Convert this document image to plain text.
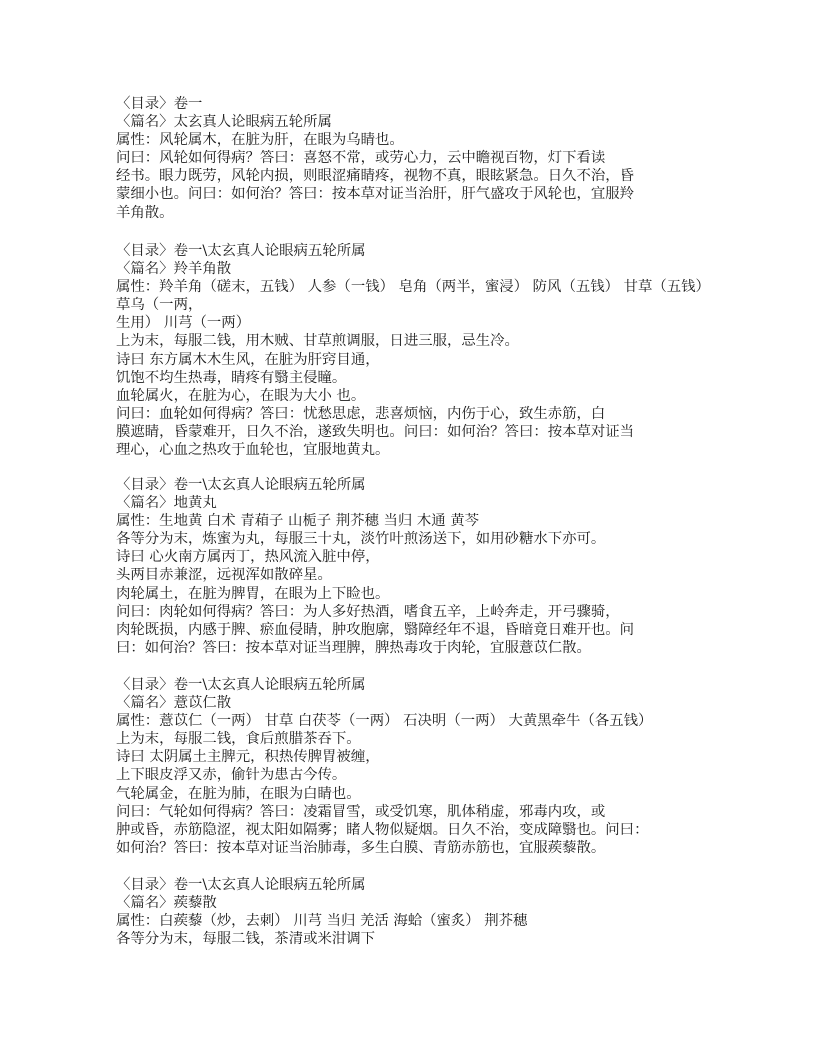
〈目录〉卷一
〈篇名〉太玄真人论眼病五轮所属
属性：风轮属木，在脏为肝，在眼为乌睛也。
问曰：风轮如何得病？答曰：喜怒不常，或劳心力，云中瞻视百物，灯下看读
经书。眼力既劳，风轮内损，则眼涩痛睛疼，视物不真，眼眩紧急。日久不治，昏
蒙细小也。问曰：如何治？答曰：按本草对证当治肝，肝气盛攻于风轮也，宜服羚
羊角散。
〈目录〉卷一\太玄真人论眼病五轮所属
〈篇名〉羚羊角散
属性：羚羊角（磋末，五钱） 人参（一钱） 皂角（两半，蜜浸） 防风（五钱） 甘草（五钱）
草乌（一两，
生用） 川芎（一两）
上为末，每服二钱，用木贼、甘草煎调服，日进三服，忌生冷。
诗曰 东方属木木生风，在脏为肝窍目通，
饥饱不均生热毒，睛疼有翳主侵瞳。
血轮属火，在脏为心，在眼为大小 也。
问曰：血轮如何得病？答曰：忧愁思虑，悲喜烦恼，内伤于心，致生赤筋，白
膜遮睛，昏蒙难开，日久不治，遂致失明也。问曰：如何治？答曰：按本草对证当
理心，心血之热攻于血轮也，宜服地黄丸。
〈目录〉卷一\太玄真人论眼病五轮所属
〈篇名〉地黄丸
属性：生地黄 白术 青葙子 山栀子 荆芥穗 当归 木通 黄芩
各等分为末，炼蜜为丸，每服三十丸，淡竹叶煎汤送下，如用砂糖水下亦可。
诗曰 心火南方属丙丁，热风流入脏中停，
头两目赤兼涩，远视浑如散碎星。
肉轮属土，在脏为脾胃，在眼为上下睑也。
问曰：肉轮如何得病？答曰：为人多好热酒，嗜食五辛，上岭奔走，开弓骤骑，
肉轮既损，内感于脾、瘀血侵睛，肿攻胞廓，翳障经年不退，昏暗竟日难开也。问
曰：如何治？答曰：按本草对证当理脾，脾热毒攻于肉轮，宜服薏苡仁散。
〈目录〉卷一\太玄真人论眼病五轮所属
〈篇名〉薏苡仁散
属性：薏苡仁（一两） 甘草 白茯苓（一两） 石决明（一两） 大黄黑牵牛（各五钱）
上为末，每服二钱，食后煎腊茶吞下。
诗曰 太阴属土主脾元，积热传脾胃被缠，
上下眼皮浮又赤，偷针为患古今传。
气轮属金，在脏为肺，在眼为白睛也。
问曰：气轮如何得病？答曰：凌霜冒雪，或受饥寒，肌体稍虚，邪毒内攻，或
肿或昏，赤筋隐涩，视太阳如隔雾；睹人物似疑烟。日久不治，变成障翳也。问曰：
如何治？答曰：按本草对证当治肺毒，多生白膜、青筋赤筋也，宜服蒺藜散。
〈目录〉卷一\太玄真人论眼病五轮所属
〈篇名〉蒺藜散
属性：白蒺藜（炒，去刺） 川芎 当归 羌活 海蛤（蜜炙） 荆芥穗
各等分为末，每服二钱，茶清或米泔调下
